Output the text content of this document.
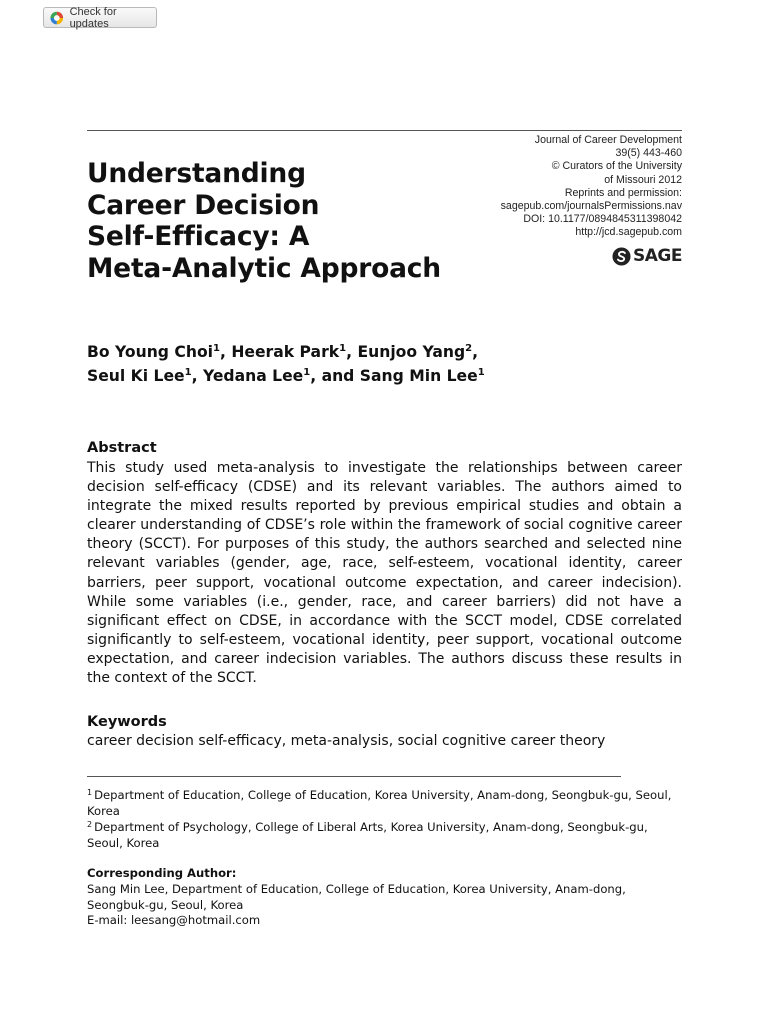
Check for updates
Understanding
Career Decision
Self-Efficacy: A
Meta-Analytic Approach
Journal of Career Development
39(5) 443-460
© Curators of the University
of Missouri 2012
Reprints and permission:
sagepub.com/journalsPermissions.nav
DOI: 10.1177/0894845311398042
http://jcd.sagepub.com
SAGE
Bo Young Choi$^1$, Heerak Park$^1$, Eunjoo Yang$^2$,
Seul Ki Lee$^1$, Yedana Lee$^1$, and Sang Min Lee$^1$
Abstract

This study used meta-analysis to investigate the relationships between career decision self-efficacy (CDSE) and its relevant variables. The authors aimed to integrate the mixed results reported by previous empirical studies and obtain a clearer understanding of CDSE’s role within the framework of social cognitive career theory (SCCT). For purposes of this study, the authors searched and selected nine relevant variables (gender, age, race, self-esteem, vocational identity, career barriers, peer support, vocational outcome expectation, and career indecision). While some variables (i.e., gender, race, and career barriers) did not have a significant effect on CDSE, in accordance with the SCCT model, CDSE correlated significantly to self-esteem, vocational identity, peer support, vocational outcome expectation, and career indecision variables. The authors discuss these results in the context of the SCCT.

Keywords

career decision self-efficacy, meta-analysis, social cognitive career theory

$^1$ Department of Education, College of Education, Korea University, Anam-dong, Seongbuk-gu, Seoul, Korea

$^2$ Department of Psychology, College of Liberal Arts, Korea University, Anam-dong, Seongbuk-gu, Seoul, Korea

Corresponding Author:

Sang Min Lee, Department of Education, College of Education, Korea University, Anam-dong, Seongbuk-gu, Seoul, Korea
E-mail: leesang@hotmail.com
